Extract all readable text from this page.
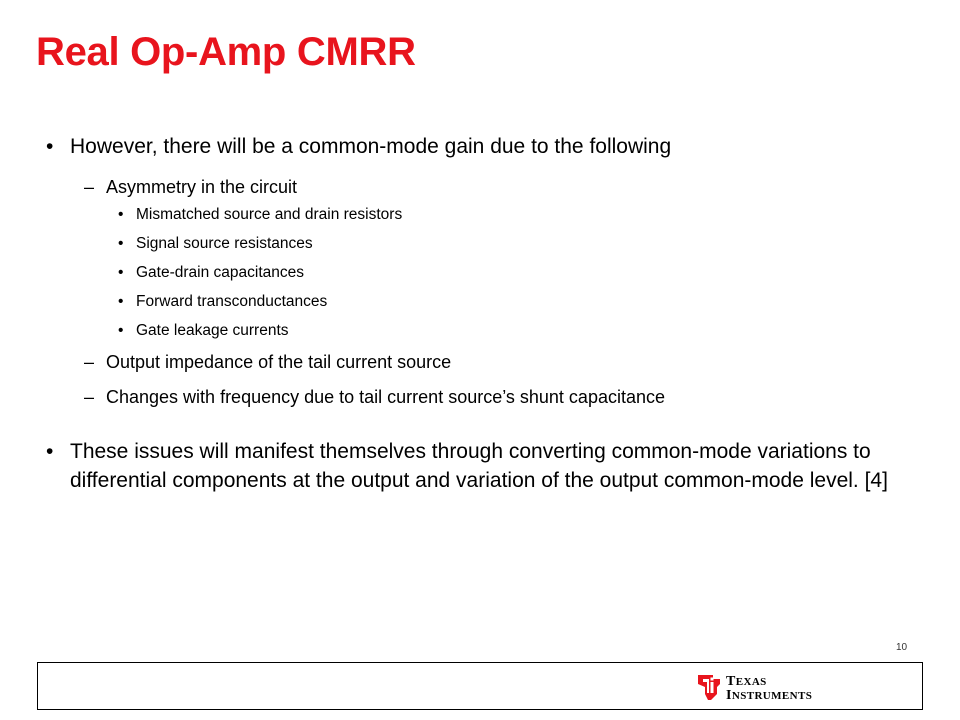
Real Op-Amp CMRR
• However, there will be a common-mode gain due to the following
– Asymmetry in the circuit
• Mismatched source and drain resistors
• Signal source resistances
• Gate-drain capacitances
• Forward transconductances
• Gate leakage currents
– Output impedance of the tail current source
– Changes with frequency due to tail current source’s shunt capacitance
• These issues will manifest themselves through converting common-mode variations to differential components at the output and variation of the output common-mode level. [4]
10
TEXAS
INSTRUMENTS
